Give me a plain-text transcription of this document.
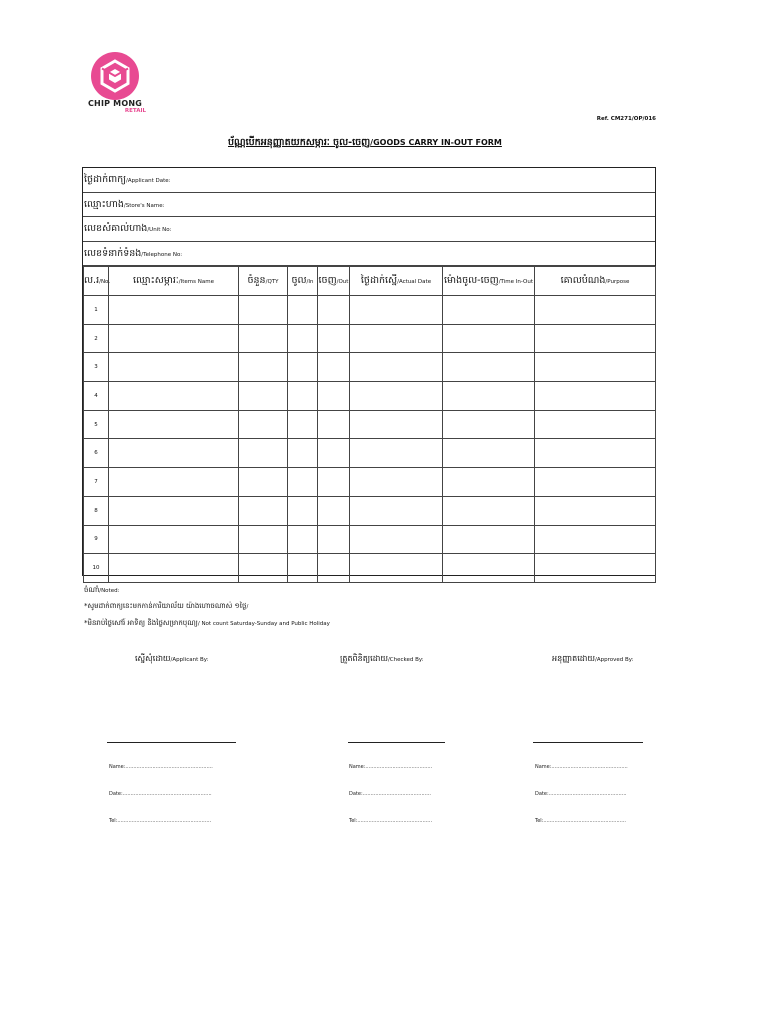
CHIP MONG
RETAIL
Ref. CM271/OP/016
ប័ណ្ណបើកអនុញ្ញាតយកសម្ភារៈ ចូល-ចេញ/GOODS CARRY IN-OUT FORM
ថ្ងៃដាក់ពាក្យ/Applicant Date:
ឈ្មោះហាង/Store's Name:
លេខសំគាល់ហាង/Unit No:
លេខទំនាក់ទំនង/Telephone No:
ល.រ/No.	ឈ្មោះសម្ភារៈ/Items Name	ចំនួន/QTY	ចូល/In	ចេញ/Out	ថ្ងៃដាក់ស្នើ/Actual Date	ម៉ោងចូល-ចេញ/Time In-Out	គោលបំណង/Purpose
1							
2							
3							
4							
5							
6							
7							
8							
9							
10							
ចំណាំ/Noted:
*សូមដាក់ពាក្យនេះមកកាន់ការិយាល័យ យ៉ាងហោចណាស់ ១ថ្ងៃ/
*មិនរាប់ថ្ងៃសៅរ៍ អាទិត្យ និងថ្ងៃសម្រាកបុណ្យ/ Not count Saturday-Sunday and Public Holiday
ស្នើសុំដោយ/Applicant By:	ត្រួតពិនិត្យដោយ/Checked By:	អនុញ្ញាតដោយ/Approved By:
Name:.......................................................
Date:........................................................
Tel:...........................................................
Name:..........................................
Date:...........................................
Tel:...............................................
Name:................................................
Date:.................................................
Tel:....................................................
